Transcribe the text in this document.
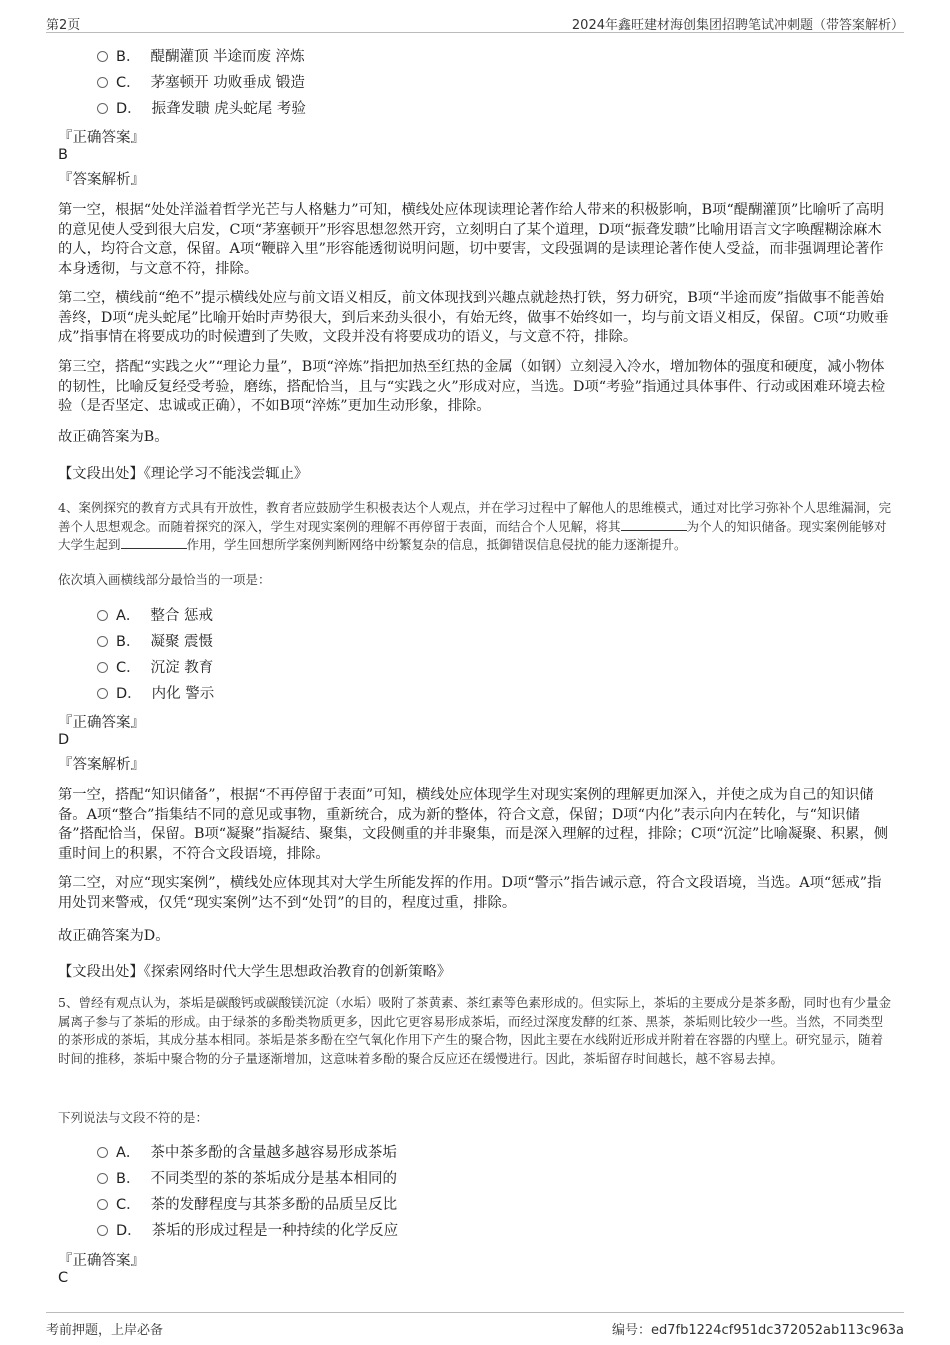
第2页	2024年鑫旺建材海创集团招聘笔试冲刺题（带答案解析）
B． 醍醐灌顶 半途而废 淬炼
C． 茅塞顿开 功败垂成 锻造
D． 振聋发聩 虎头蛇尾 考验
『正确答案』
B
『答案解析』
第一空，根据“处处洋溢着哲学光芒与人格魅力”可知，横线处应体现读理论著作给人带来的积极影响，B项“醍醐灌顶”比喻听了高明的意见使人受到很大启发，C项“茅塞顿开”形容思想忽然开窍，立刻明白了某个道理，D项“振聋发聩”比喻用语言文字唤醒糊涂麻木的人，均符合文意，保留。A项“鞭辟入里”形容能透彻说明问题，切中要害，文段强调的是读理论著作使人受益，而非强调理论著作本身透彻，与文意不符，排除。
第二空，横线前“绝不”提示横线处应与前文语义相反，前文体现找到兴趣点就趁热打铁，努力研究，B项“半途而废”指做事不能善始善终，D项“虎头蛇尾”比喻开始时声势很大，到后来劲头很小，有始无终，做事不始终如一，均与前文语义相反，保留。C项“功败垂成”指事情在将要成功的时候遭到了失败，文段并没有将要成功的语义，与文意不符，排除。
第三空，搭配“实践之火”“理论力量”，B项“淬炼”指把加热至红热的金属（如钢）立刻浸入冷水，增加物体的强度和硬度，减小物体的韧性，比喻反复经受考验，磨练，搭配恰当，且与“实践之火”形成对应，当选。D项“考验”指通过具体事件、行动或困难环境去检验（是否坚定、忠诚或正确），不如B项“淬炼”更加生动形象，排除。
故正确答案为B。
【文段出处】《理论学习不能浅尝辄止》
4、案例探究的教育方式具有开放性，教育者应鼓励学生积极表达个人观点，并在学习过程中了解他人的思维模式，通过对比学习弥补个人思维漏洞，完善个人思想观念。而随着探究的深入，学生对现实案例的理解不再停留于表面，而结合个人见解，将其	为个人的知识储备。现实案例能够对大学生起到	作用，学生回想所学案例判断网络中纷繁复杂的信息，抵御错误信息侵扰的能力逐渐提升。
依次填入画横线部分最恰当的一项是：
A． 整合 惩戒
B． 凝聚 震慑
C． 沉淀 教育
D． 内化 警示
『正确答案』
D
『答案解析』
第一空，搭配“知识储备”，根据“不再停留于表面”可知，横线处应体现学生对现实案例的理解更加深入，并使之成为自己的知识储备。A项“整合”指集结不同的意见或事物，重新统合，成为新的整体，符合文意，保留；D项“内化”表示向内在转化，与“知识储备”搭配恰当，保留。B项“凝聚”指凝结、聚集，文段侧重的并非聚集，而是深入理解的过程，排除；C项“沉淀”比喻凝聚、积累，侧重时间上的积累，不符合文段语境，排除。
第二空，对应“现实案例”，横线处应体现其对大学生所能发挥的作用。D项“警示”指告诫示意，符合文段语境，当选。A项“惩戒”指用处罚来警戒，仅凭“现实案例”达不到“处罚”的目的，程度过重，排除。
故正确答案为D。
【文段出处】《探索网络时代大学生思想政治教育的创新策略》
5、曾经有观点认为，茶垢是碳酸钙或碳酸镁沉淀（水垢）吸附了茶黄素、茶红素等色素形成的。但实际上，茶垢的主要成分是茶多酚，同时也有少量金属离子参与了茶垢的形成。由于绿茶的多酚类物质更多，因此它更容易形成茶垢，而经过深度发酵的红茶、黑茶，茶垢则比较少一些。当然，不同类型的茶形成的茶垢，其成分基本相同。茶垢是茶多酚在空气氧化作用下产生的聚合物，因此主要在水线附近形成并附着在容器的内壁上。研究显示，随着时间的推移，茶垢中聚合物的分子量逐渐增加，这意味着多酚的聚合反应还在缓慢进行。因此，茶垢留存时间越长，越不容易去掉。
下列说法与文段不符的是：
A． 茶中茶多酚的含量越多越容易形成茶垢
B． 不同类型的茶的茶垢成分是基本相同的
C． 茶的发酵程度与其茶多酚的品质呈反比
D． 茶垢的形成过程是一种持续的化学反应
『正确答案』
C
考前押题，上岸必备	编号：ed7fb1224cf951dc372052ab113c963a
